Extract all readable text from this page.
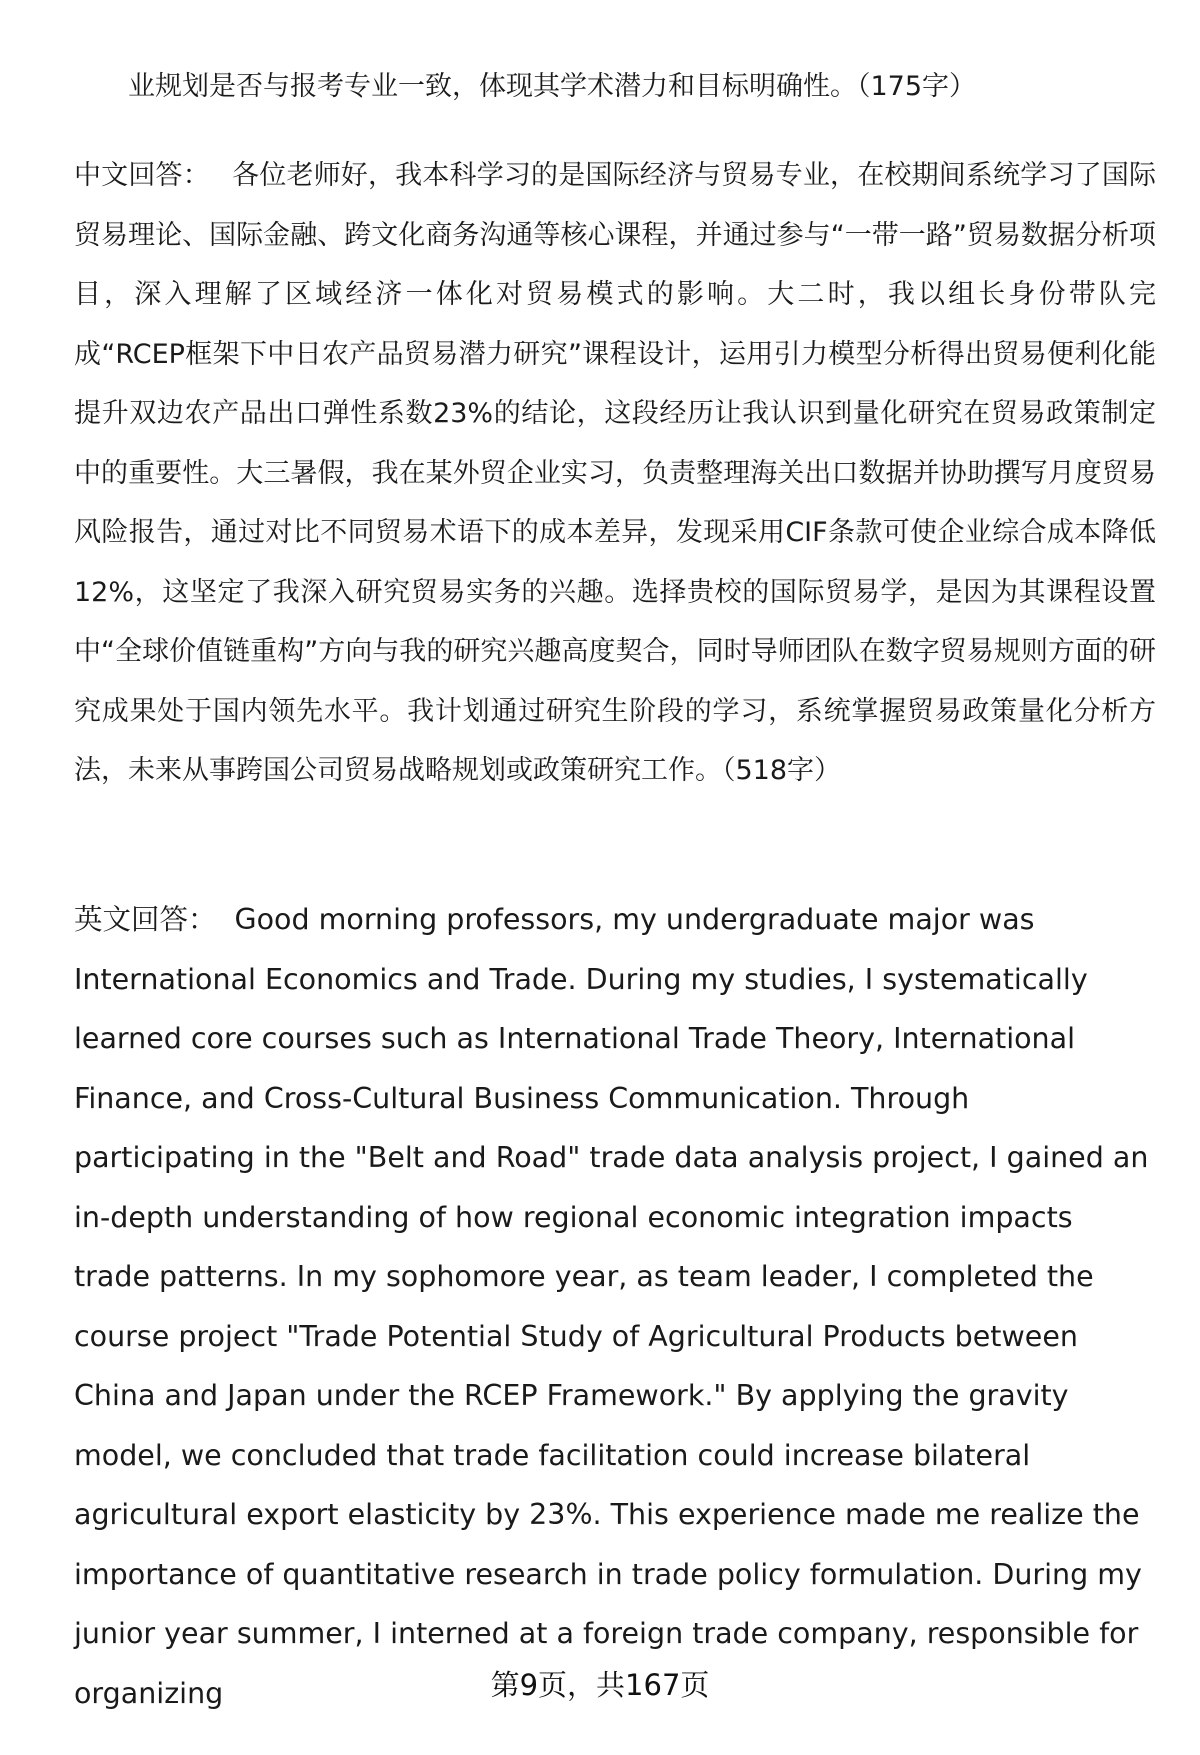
﻿
业规划是否与报考专业一致，体现其学术潜力和目标明确性。（175字）
中文回答： 各位老师好，我本科学习的是国际经济与贸易专业，在校期间系统学习了国际贸易理论、国际金融、跨文化商务沟通等核心课程，并通过参与“一带一路”贸易数据分析项目，深入理解了区域经济一体化对贸易模式的影响。大二时，我以组长身份带队完成“RCEP框架下中日农产品贸易潜力研究”课程设计，运用引力模型分析得出贸易便利化能提升双边农产品出口弹性系数23%的结论，这段经历让我认识到量化研究在贸易政策制定中的重要性。大三暑假，我在某外贸企业实习，负责整理海关出口数据并协助撰写月度贸易风险报告，通过对比不同贸易术语下的成本差异，发现采用CIF条款可使企业综合成本降低12%，这坚定了我深入研究贸易实务的兴趣。选择贵校的国际贸易学，是因为其课程设置中“全球价值链重构”方向与我的研究兴趣高度契合，同时导师团队在数字贸易规则方面的研究成果处于国内领先水平。我计划通过研究生阶段的学习，系统掌握贸易政策量化分析方法，未来从事跨国公司贸易战略规划或政策研究工作。（518字）
英文回答： Good morning professors, my undergraduate major was International Economics and Trade. During my studies, I systematically learned core courses such as International Trade Theory, International Finance, and Cross-Cultural Business Communication. Through participating in the "Belt and Road" trade data analysis project, I gained an in-depth understanding of how regional economic integration impacts trade patterns. In my sophomore year, as team leader, I completed the course project "Trade Potential Study of Agricultural Products between China and Japan under the RCEP Framework." By applying the gravity model, we concluded that trade facilitation could increase bilateral agricultural export elasticity by 23%. This experience made me realize the importance of quantitative research in trade policy formulation. During my junior year summer, I interned at a foreign trade company, responsible for organizing	第9页，共167页
